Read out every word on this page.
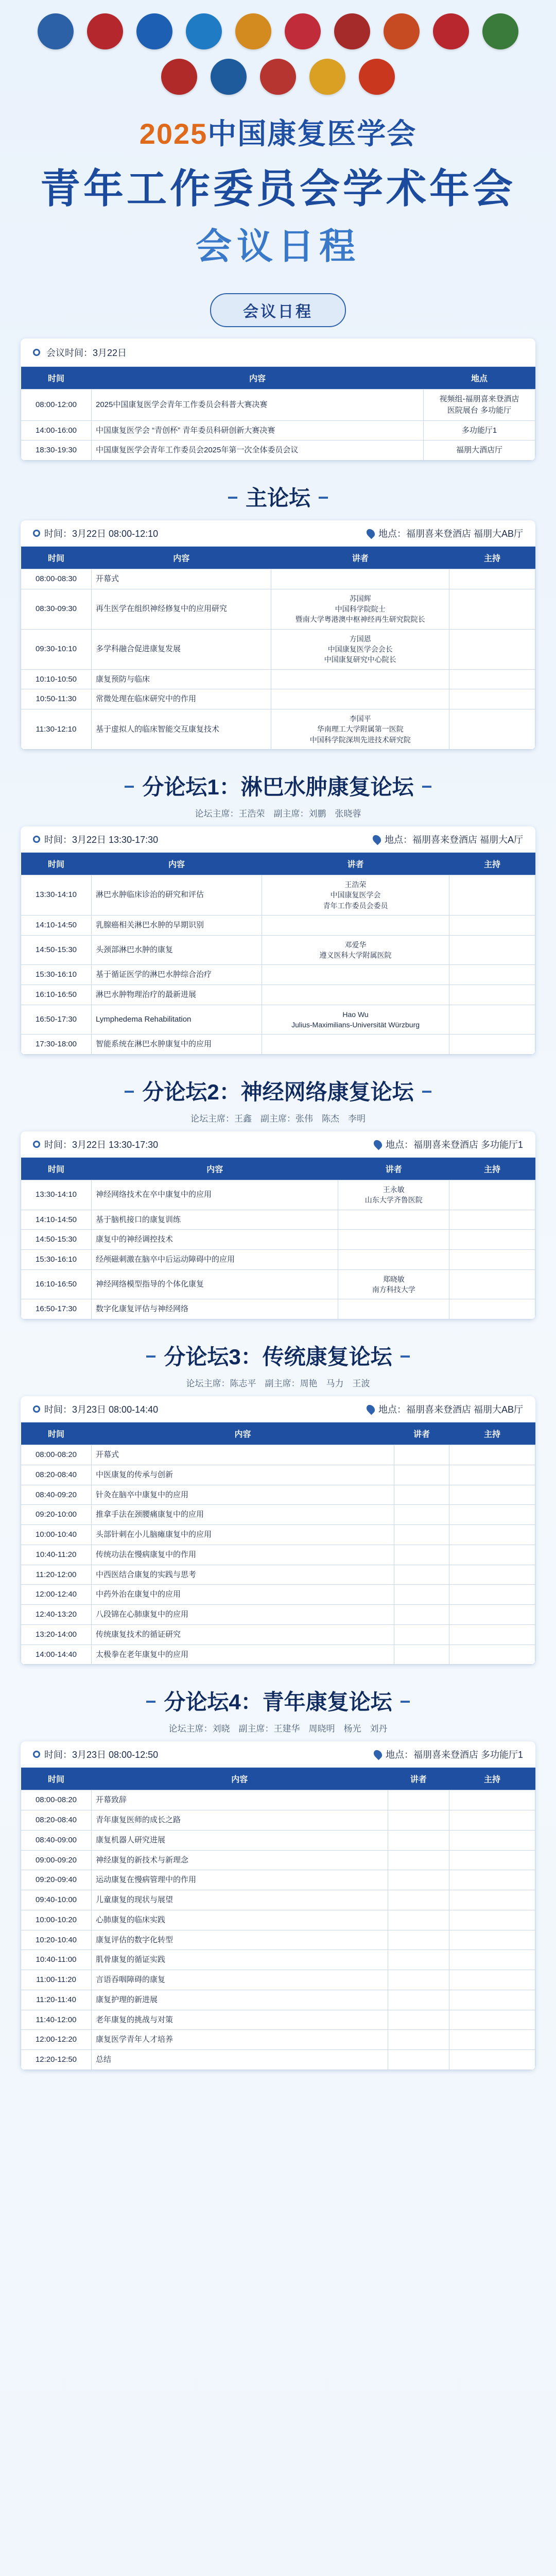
2025中国康复医学会
青年工作委员会学术年会
会议日程
会议日程
会议时间：3月22日
时间	内容	地点
08:00-12:00	2025中国康复医学会青年工作委员会科普大赛决赛	视频组-福朋喜来登酒店
医院展台 多功能厅
14:00-16:00	中国康复医学会 “青创杯” 青年委员科研创新大赛决赛	多功能厅1
18:30-19:30	中国康复医学会青年工作委员会2025年第一次全体委员会议	福朋大酒店厅
主论坛
时间：3月22日 08:00-12:10	地点：福朋喜来登酒店 福朋大AB厅
时间	内容	讲者	主持
08:00-08:30	开幕式		
08:30-09:30	再生医学在组织神经修复中的应用研究	苏国辉
中国科学院院士
暨南大学粤港澳中枢神经再生研究院院长	
09:30-10:10	多学科融合促进康复发展	方国恩
中国康复医学会会长
中国康复研究中心院长	
10:10-10:50	康复预防与临床		
10:50-11:30	常微处理在临床研究中的作用		
11:30-12:10	基于虚拟人的临床智能交互康复技术	李国平
华南理工大学附属第一医院
中国科学院深圳先进技术研究院	
分论坛1：淋巴水肿康复论坛
论坛主席：王浩荣　副主席：刘鹏　张晓蓉
时间：3月22日 13:30-17:30	地点：福朋喜来登酒店 福朋大A厅
时间	内容	讲者	主持
13:30-14:10	淋巴水肿临床诊治的研究和评估	王浩荣
中国康复医学会
青年工作委员会委员	
14:10-14:50	乳腺癌相关淋巴水肿的早期识别		
14:50-15:30	头颈部淋巴水肿的康复	邓爱华
遵义医科大学附属医院	
15:30-16:10	基于循证医学的淋巴水肿综合治疗		
16:10-16:50	淋巴水肿物理治疗的最新进展		
16:50-17:30	Lymphedema Rehabilitation	Hao Wu
Julius-Maximilians-Universität Würzburg	
17:30-18:00	智能系统在淋巴水肿康复中的应用		
分论坛2：神经网络康复论坛
论坛主席：王鑫　副主席：张伟　陈杰　李明
时间：3月22日 13:30-17:30	地点：福朋喜来登酒店 多功能厅1
时间	内容	讲者	主持
13:30-14:10	神经网络技术在卒中康复中的应用	王永敏
山东大学齐鲁医院	
14:10-14:50	基于脑机接口的康复训练		
14:50-15:30	康复中的神经调控技术		
15:30-16:10	经颅磁刺激在脑卒中后运动障碍中的应用		
16:10-16:50	神经网络模型指导的个体化康复	郑晓敏
南方科技大学	
16:50-17:30	数字化康复评估与神经网络		
分论坛3：传统康复论坛
论坛主席：陈志平　副主席：周艳　马力　王波
时间：3月23日 08:00-14:40	地点：福朋喜来登酒店 福朋大AB厅
时间	内容	讲者	主持
08:00-08:20	开幕式		
08:20-08:40	中医康复的传承与创新		
08:40-09:20	针灸在脑卒中康复中的应用		
09:20-10:00	推拿手法在颈腰痛康复中的应用		
10:00-10:40	头部针刺在小儿脑瘫康复中的应用		
10:40-11:20	传统功法在慢病康复中的作用		
11:20-12:00	中西医结合康复的实践与思考		
12:00-12:40	中药外治在康复中的应用		
12:40-13:20	八段锦在心肺康复中的应用		
13:20-14:00	传统康复技术的循证研究		
14:00-14:40	太极拳在老年康复中的应用		
分论坛4：青年康复论坛
论坛主席：刘晓　副主席：王建华　周晓明　杨光　刘丹
时间：3月23日 08:00-12:50	地点：福朋喜来登酒店 多功能厅1
时间	内容	讲者	主持
08:00-08:20	开幕致辞		
08:20-08:40	青年康复医师的成长之路		
08:40-09:00	康复机器人研究进展		
09:00-09:20	神经康复的新技术与新理念		
09:20-09:40	运动康复在慢病管理中的作用		
09:40-10:00	儿童康复的现状与展望		
10:00-10:20	心肺康复的临床实践		
10:20-10:40	康复评估的数字化转型		
10:40-11:00	肌骨康复的循证实践		
11:00-11:20	言语吞咽障碍的康复		
11:20-11:40	康复护理的新进展		
11:40-12:00	老年康复的挑战与对策		
12:00-12:20	康复医学青年人才培养		
12:20-12:50	总结		
